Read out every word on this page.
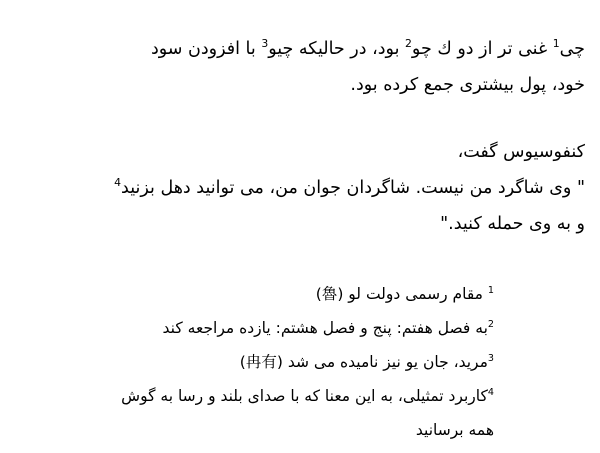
چی$^1$ غنی تر از دو ك چو$^2$ بود، در حالیكه چیو$^3$ با افزودن سود
خود، پول بیشتری جمع كرده بود.
كنفوسیوس گفت،
" وی شاگرد من نیست. شاگردان جوان من، می توانید دهل بزنید$^4$
و به وی حمله كنید."
$^1$ مقام رسمی دولت لو (魯)
$^2$به فصل هفتم: پنج و فصل هشتم: یازده مراجعه كند
$^3$مرید، جان یو نیز نامیده می شد (冉有)
$^4$كاربرد تمثیلی، به این معنا كه با صدای بلند و رسا به گوش
همه برسانید
